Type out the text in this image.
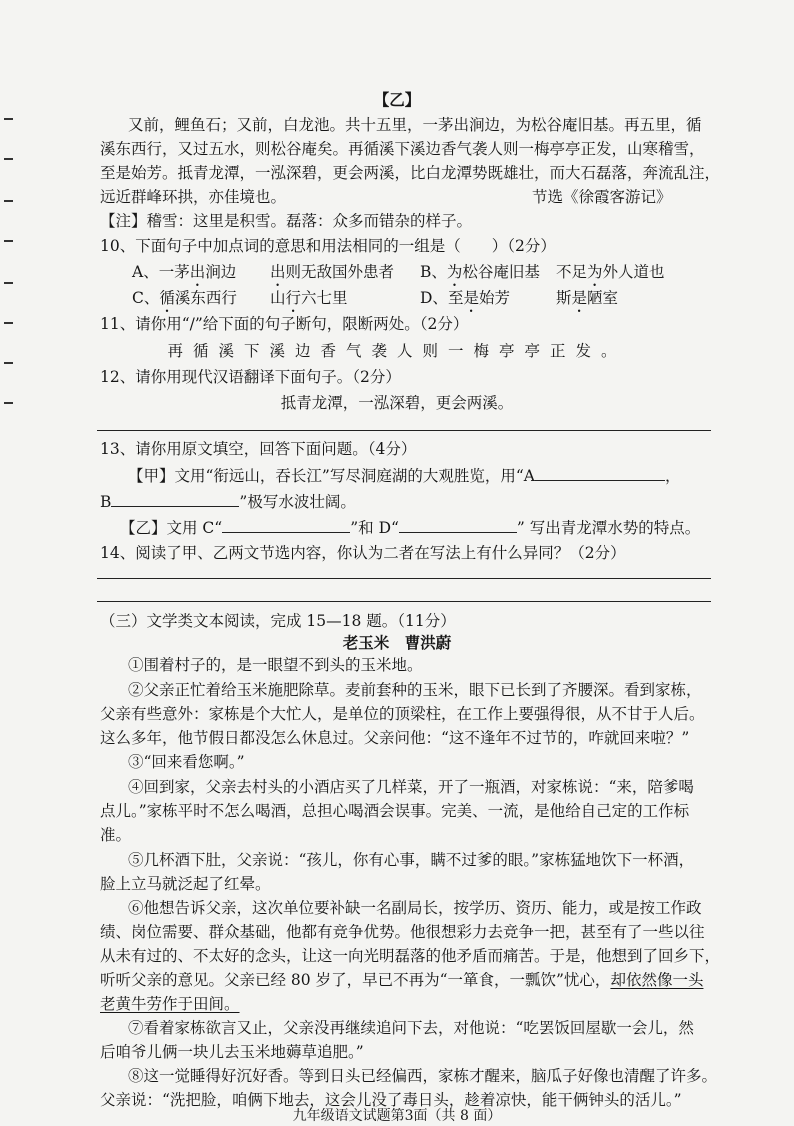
【乙】
又前，鲤鱼石；又前，白龙池。共十五里，一茅出涧边，为松谷庵旧基。再五里，循
溪东西行，又过五水，则松谷庵矣。再循溪下溪边香气袭人则一梅亭亭正发，山寒稽雪，
至是始芳。抵青龙潭，一泓深碧，更会两溪，比白龙潭势既雄壮，而大石磊落，奔流乱注，
远近群峰环拱，亦佳境也。	节选《徐霞客游记》
【注】稽雪：这里是积雪。磊落：众多而错杂的样子。
10、下面句子中加点词的意思和用法相同的一组是（　　）（2分）
A、一茅出涧边 出则无敌国外患者 B、为松谷庵旧基 不足为外人道也
C、循溪东西行 山行六七里	D、至是始芳	斯是陋室
11、请你用“/”给下面的句子断句，限断两处。（2分）
再循溪下溪边香气袭人则一梅亭亭正发。
12、请你用现代汉语翻译下面句子。（2分）
抵青龙潭，一泓深碧，更会两溪。
13、请你用原文填空，回答下面问题。（4分）
【甲】文用“衔远山，吞长江”写尽洞庭湖的大观胜览，用“A	，
B	”极写水波壮阔。
【乙】文用 C“	”和 D“	” 写出青龙潭水势的特点。
14、阅读了甲、乙两文节选内容，你认为二者在写法上有什么异同？（2分）
（三）文学类文本阅读，完成 15—18 题。（11分）
老玉米　 曹洪蔚
①围着村子的，是一眼望不到头的玉米地。
②父亲正忙着给玉米施肥除草。麦前套种的玉米，眼下已长到了齐腰深。看到家栋，
父亲有些意外：家栋是个大忙人，是单位的顶梁柱，在工作上要强得很，从不甘于人后。
这么多年，他节假日都没怎么休息过。父亲问他：“这不逢年不过节的，咋就回来啦？”
③“回来看您啊。”
④回到家，父亲去村头的小酒店买了几样菜，开了一瓶酒，对家栋说：“来，陪爹喝
点儿。”家栋平时不怎么喝酒，总担心喝酒会误事。完美、一流，是他给自己定的工作标
准。
⑤几杯酒下肚，父亲说：“孩儿，你有心事，瞒不过爹的眼。”家栋猛地饮下一杯酒，
脸上立马就泛起了红晕。
⑥他想告诉父亲，这次单位要补缺一名副局长，按学历、资历、能力，或是按工作政
绩、岗位需要、群众基础，他都有竞争优势。他很想彩力去竞争一把，甚至有了一些以往
从未有过的、不太好的念头，让这一向光明磊落的他矛盾而痛苦。于是，他想到了回乡下，
听听父亲的意见。父亲已经 80 岁了，早已不再为“一箪食，一瓢饮”忧心，却依然像一头
老黄牛劳作于田间。
⑦看着家栋欲言又止，父亲没再继续追问下去，对他说：“吃罢饭回屋歇一会儿，然
后咱爷儿俩一块儿去玉米地薅草追肥。”
⑧这一觉睡得好沉好香。等到日头已经偏西，家栋才醒来，脑瓜子好像也清醒了许多。
父亲说：“洗把脸，咱俩下地去，这会儿没了毒日头，趁着凉快，能干俩钟头的活儿。”
九年级语文试题第3面（共 8 面）
